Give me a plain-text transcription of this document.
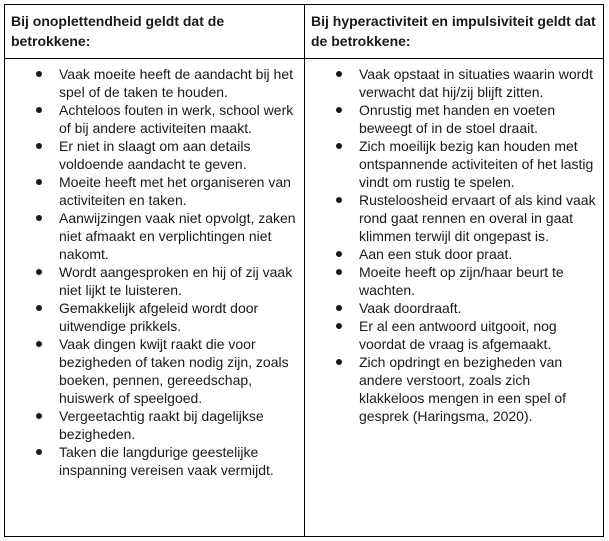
Bij onoplettendheid geldt dat de betrokkene:

Bij hyperactiviteit en impulsiviteit geldt dat de betrokkene:

Vaak moeite heeft de aandacht bij het spel of de taken te houden.
Achteloos fouten in werk, school werk of bij andere activiteiten maakt.
Er niet in slaagt om aan details voldoende aandacht te geven.
Moeite heeft met het organiseren van activiteiten en taken.
Aanwijzingen vaak niet opvolgt, zaken niet afmaakt en verplichtingen niet nakomt.
Wordt aangesproken en hij of zij vaak niet lijkt te luisteren.
Gemakkelijk afgeleid wordt door uitwendige prikkels.
Vaak dingen kwijt raakt die voor bezigheden of taken nodig zijn, zoals boeken, pennen, gereedschap, huiswerk of speelgoed.
Vergeetachtig raakt bij dagelijkse bezigheden.
Taken die langdurige geestelijke inspanning vereisen vaak vermijdt.
Vaak opstaat in situaties waarin wordt verwacht dat hij/zij blijft zitten.
Onrustig met handen en voeten beweegt of in de stoel draait.
Zich moeilijk bezig kan houden met ontspannende activiteiten of het lastig vindt om rustig te spelen.
Rusteloosheid ervaart of als kind vaak rond gaat rennen en overal in gaat klimmen terwijl dit ongepast is.
Aan een stuk door praat.
Moeite heeft op zijn/haar beurt te wachten.
Vaak doordraaft.
Er al een antwoord uitgooit, nog voordat de vraag is afgemaakt.
Zich opdringt en bezigheden van andere verstoort, zoals zich klakkeloos mengen in een spel of gesprek (Haringsma, 2020).
